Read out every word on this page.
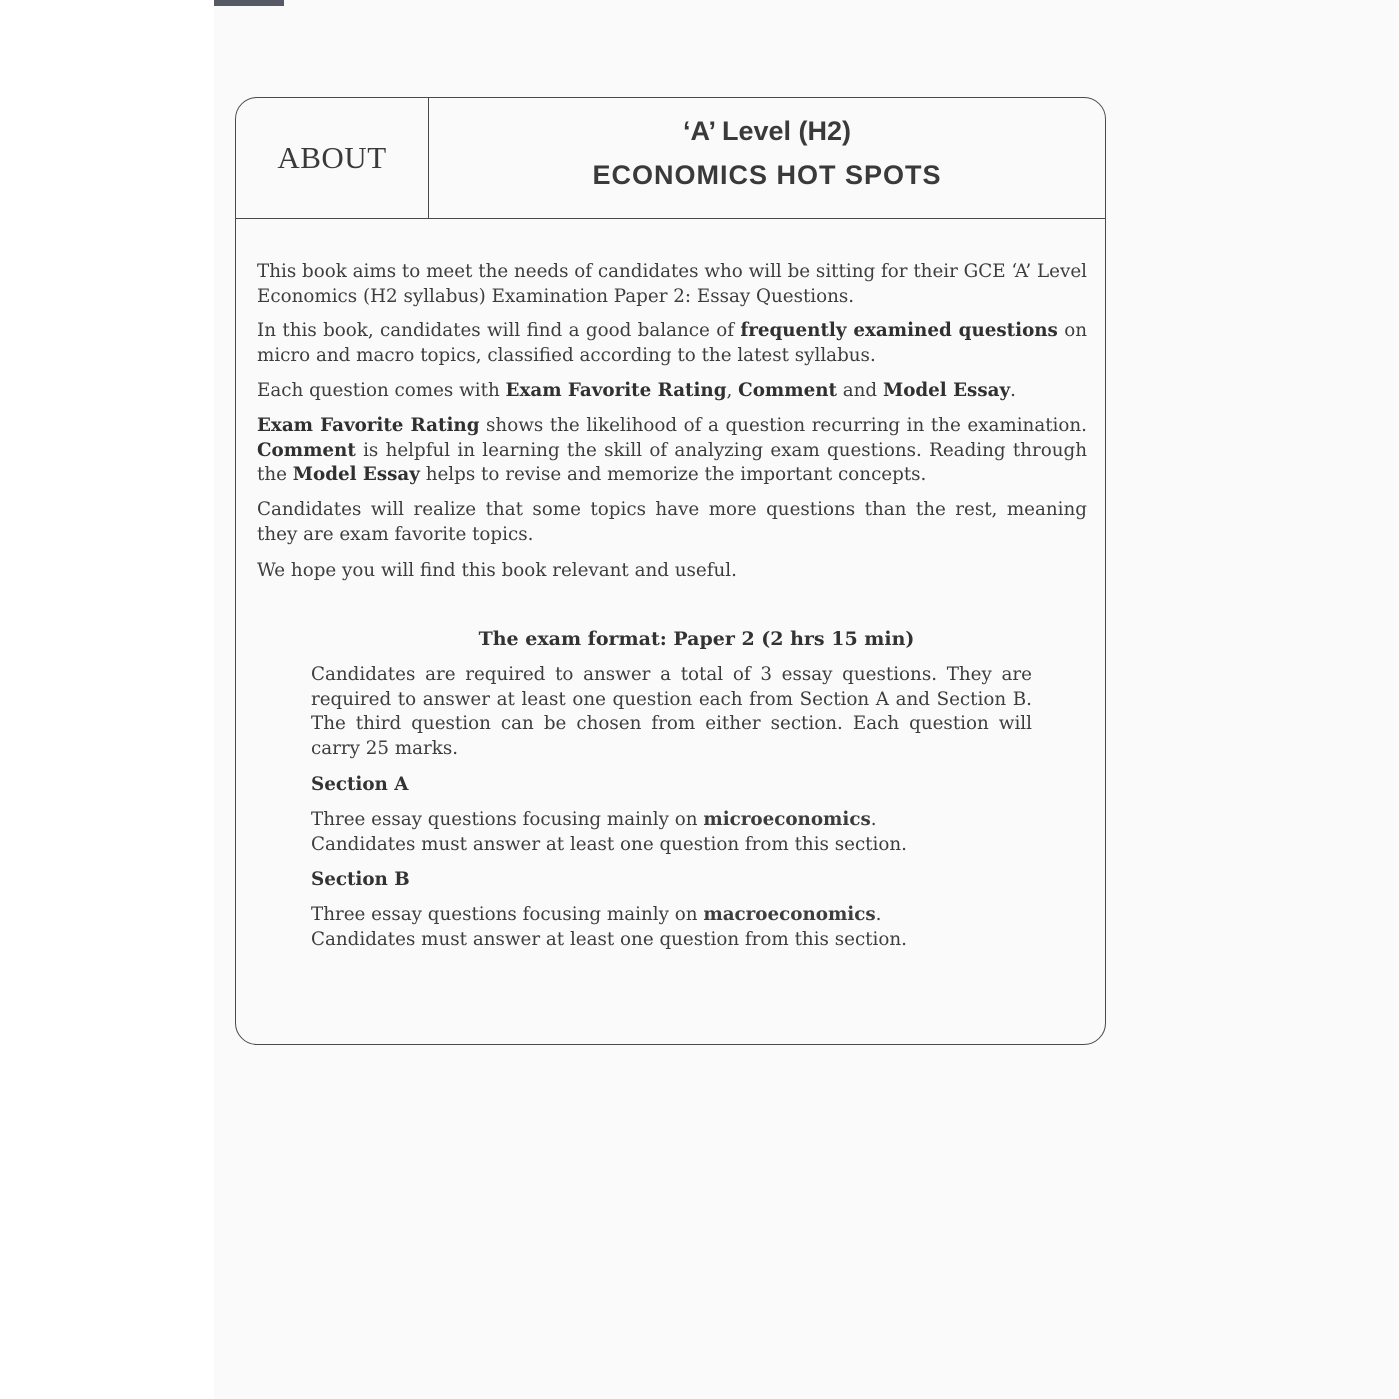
ABOUT
‘A’ Level (H2)
ECONOMICS HOT SPOTS

This book aims to meet the needs of candidates who will be sitting for their GCE ‘A’ Level Economics (H2 syllabus) Examination Paper 2: Essay Questions.

In this book, candidates will find a good balance of frequently examined questions on micro and macro topics, classified according to the latest syllabus.

Each question comes with Exam Favorite Rating, Comment and Model Essay.

Exam Favorite Rating shows the likelihood of a question recurring in the examination. Comment is helpful in learning the skill of analyzing exam questions. Reading through the Model Essay helps to revise and memorize the important concepts.

Candidates will realize that some topics have more questions than the rest, meaning they are exam favorite topics.

We hope you will find this book relevant and useful.

The exam format: Paper 2 (2 hrs 15 min)

Candidates are required to answer a total of 3 essay questions. They are required to answer at least one question each from Section A and Section B. The third question can be chosen from either section. Each question will carry 25 marks.

Section A

Three essay questions focusing mainly on microeconomics.

Candidates must answer at least one question from this section.

Section B

Three essay questions focusing mainly on macroeconomics.

Candidates must answer at least one question from this section.
